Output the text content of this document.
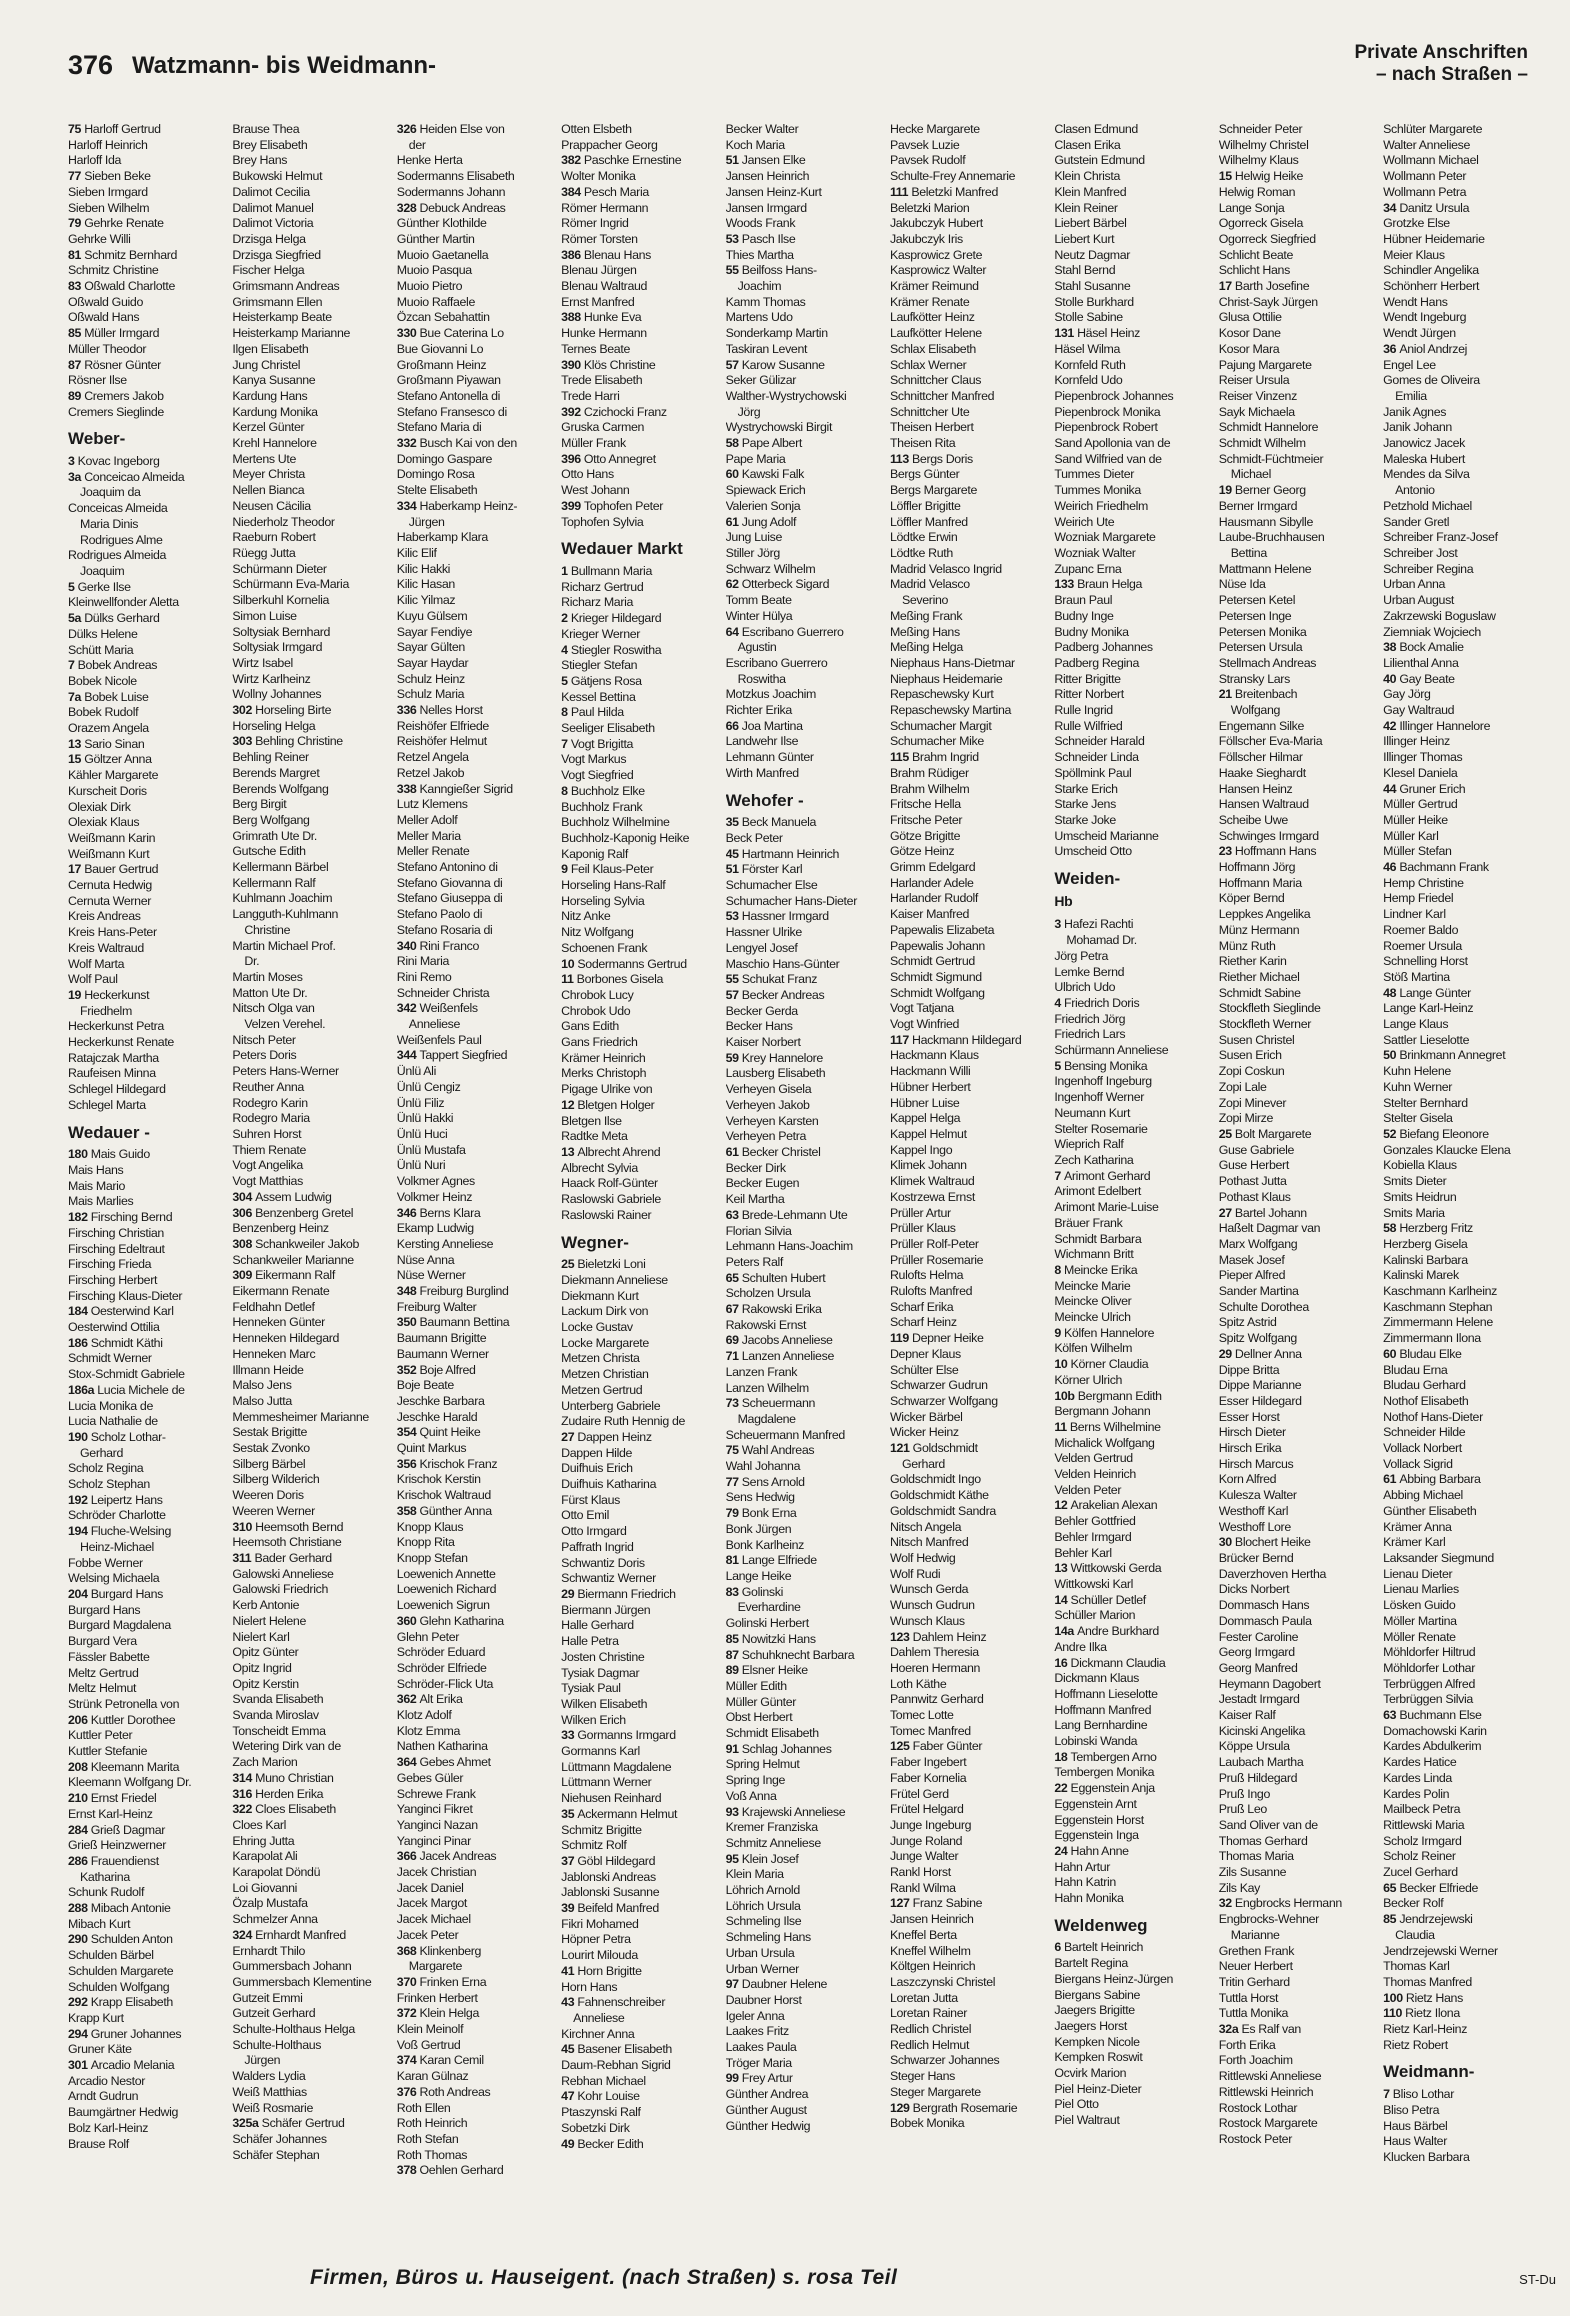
376 Watzmann- bis Weidmann-	Private Anschriften
– nach Straßen –
75 Harloff Gertrud
Harloff Heinrich
Harloff Ida
77 Sieben Beke
Sieben Irmgard
Sieben Wilhelm
79 Gehrke Renate
Gehrke Willi
81 Schmitz Bernhard
Schmitz Christine
83 Oßwald Charlotte
Oßwald Guido
Oßwald Hans
85 Müller Irmgard
Müller Theodor
87 Rösner Günter
Rösner Ilse
89 Cremers Jakob
Cremers Sieglinde
Weber-
3 Kovac Ingeborg
3a Conceicao Almeida
Joaquim da
Conceicas Almeida
Maria Dinis
Rodrigues Alme
Rodrigues Almeida
Joaquim
5 Gerke Ilse
Kleinwellfonder Aletta
5a Dülks Gerhard
Dülks Helene
Schütt Maria
7 Bobek Andreas
Bobek Nicole
7a Bobek Luise
Bobek Rudolf
Orazem Angela
13 Sario Sinan
15 Göltzer Anna
Kähler Margarete
Kurscheit Doris
Olexiak Dirk
Olexiak Klaus
Weißmann Karin
Weißmann Kurt
17 Bauer Gertrud
Cernuta Hedwig
Cernuta Werner
Kreis Andreas
Kreis Hans-Peter
Kreis Waltraud
Wolf Marta
Wolf Paul
19 Heckerkunst
Friedhelm
Heckerkunst Petra
Heckerkunst Renate
Ratajczak Martha
Raufeisen Minna
Schlegel Hildegard
Schlegel Marta
Wedauer -
180 Mais Guido
Mais Hans
Mais Mario
Mais Marlies
182 Firsching Bernd
Firsching Christian
Firsching Edeltraut
Firsching Frieda
Firsching Herbert
Firsching Klaus-Dieter
184 Oesterwind Karl
Oesterwind Ottilia
186 Schmidt Käthi
Schmidt Werner
Stox-Schmidt Gabriele
186a Lucia Michele de
Lucia Monika de
Lucia Nathalie de
190 Scholz Lothar-
Gerhard
Scholz Regina
Scholz Stephan
192 Leipertz Hans
Schröder Charlotte
194 Fluche-Welsing
Heinz-Michael
Fobbe Werner
Welsing Michaela
204 Burgard Hans
Burgard Hans
Burgard Magdalena
Burgard Vera
Fässler Babette
Meltz Gertrud
Meltz Helmut
Strünk Petronella von
206 Kuttler Dorothee
Kuttler Peter
Kuttler Stefanie
208 Kleemann Marita
Kleemann Wolfgang Dr.
210 Ernst Friedel
Ernst Karl-Heinz
284 Grieß Dagmar
Grieß Heinzwerner
286 Frauendienst
Katharina
Schunk Rudolf
288 Mibach Antonie
Mibach Kurt
290 Schulden Anton
Schulden Bärbel
Schulden Margarete
Schulden Wolfgang
292 Krapp Elisabeth
Krapp Kurt
294 Gruner Johannes
Gruner Käte
301 Arcadio Melania
Arcadio Nestor
Arndt Gudrun
Baumgärtner Hedwig
Bolz Karl-Heinz
Brause Rolf
Brause Thea
Brey Elisabeth
Brey Hans
Bukowski Helmut
Dalimot Cecilia
Dalimot Manuel
Dalimot Victoria
Drzisga Helga
Drzisga Siegfried
Fischer Helga
Grimsmann Andreas
Grimsmann Ellen
Heisterkamp Beate
Heisterkamp Marianne
Ilgen Elisabeth
Jung Christel
Kanya Susanne
Kardung Hans
Kardung Monika
Kerzel Günter
Krehl Hannelore
Mertens Ute
Meyer Christa
Nellen Bianca
Neusen Cäcilia
Niederholz Theodor
Raeburn Robert
Rüegg Jutta
Schürmann Dieter
Schürmann Eva-Maria
Silberkuhl Kornelia
Simon Luise
Soltysiak Bernhard
Soltysiak Irmgard
Wirtz Isabel
Wirtz Karlheinz
Wollny Johannes
302 Horseling Birte
Horseling Helga
303 Behling Christine
Behling Reiner
Berends Margret
Berends Wolfgang
Berg Birgit
Berg Wolfgang
Grimrath Ute Dr.
Gutsche Edith
Kellermann Bärbel
Kellermann Ralf
Kuhlmann Joachim
Langguth-Kuhlmann
Christine
Martin Michael Prof.
Dr.
Martin Moses
Matton Ute Dr.
Nitsch Olga van
Velzen Verehel.
Nitsch Peter
Peters Doris
Peters Hans-Werner
Reuther Anna
Rodegro Karin
Rodegro Maria
Suhren Horst
Thiem Renate
Vogt Angelika
Vogt Matthias
304 Assem Ludwig
306 Benzenberg Gretel
Benzenberg Heinz
308 Schankweiler Jakob
Schankweiler Marianne
309 Eikermann Ralf
Eikermann Renate
Feldhahn Detlef
Henneken Günter
Henneken Hildegard
Henneken Marc
Illmann Heide
Malso Jens
Malso Jutta
Memmesheimer Marianne
Sestak Brigitte
Sestak Zvonko
Silberg Bärbel
Silberg Wilderich
Weeren Doris
Weeren Werner
310 Heemsoth Bernd
Heemsoth Christiane
311 Bader Gerhard
Galowski Anneliese
Galowski Friedrich
Kerb Antonie
Nielert Helene
Nielert Karl
Opitz Günter
Opitz Ingrid
Opitz Kerstin
Svanda Elisabeth
Svanda Miroslav
Tonscheidt Emma
Wetering Dirk van de
Zach Marion
314 Muno Christian
316 Herden Erika
322 Cloes Elisabeth
Cloes Karl
Ehring Jutta
Karapolat Ali
Karapolat Döndü
Loi Giovanni
Özalp Mustafa
Schmelzer Anna
324 Ernhardt Manfred
Ernhardt Thilo
Gummersbach Johann
Gummersbach Klementine
Gutzeit Emmi
Gutzeit Gerhard
Schulte-Holthaus Helga
Schulte-Holthaus
Jürgen
Walders Lydia
Weiß Matthias
Weiß Rosmarie
325a Schäfer Gertrud
Schäfer Johannes
Schäfer Stephan
326 Heiden Else von
der
Henke Herta
Sodermanns Elisabeth
Sodermanns Johann
328 Debuck Andreas
Günther Klothilde
Günther Martin
Muoio Gaetanella
Muoio Pasqua
Muoio Pietro
Muoio Raffaele
Özcan Sebahattin
330 Bue Caterina Lo
Bue Giovanni Lo
Großmann Heinz
Großmann Piyawan
Stefano Antonella di
Stefano Fransesco di
Stefano Maria di
332 Busch Kai von den
Domingo Gaspare
Domingo Rosa
Stelte Elisabeth
334 Haberkamp Heinz-
Jürgen
Haberkamp Klara
Kilic Elif
Kilic Hakki
Kilic Hasan
Kilic Yilmaz
Kuyu Gülsem
Sayar Fendiye
Sayar Gülten
Sayar Haydar
Schulz Heinz
Schulz Maria
336 Nelles Horst
Reishöfer Elfriede
Reishöfer Helmut
Retzel Angela
Retzel Jakob
338 Kanngießer Sigrid
Lutz Klemens
Meller Adolf
Meller Maria
Meller Renate
Stefano Antonino di
Stefano Giovanna di
Stefano Giuseppa di
Stefano Paolo di
Stefano Rosaria di
340 Rini Franco
Rini Maria
Rini Remo
Schneider Christa
342 Weißenfels
Anneliese
Weißenfels Paul
344 Tappert Siegfried
Ünlü Ali
Ünlü Cengiz
Ünlü Filiz
Ünlü Hakki
Ünlü Huci
Ünlü Mustafa
Ünlü Nuri
Volkmer Agnes
Volkmer Heinz
346 Berns Klara
Ekamp Ludwig
Kersting Anneliese
Nüse Anna
Nüse Werner
348 Freiburg Burglind
Freiburg Walter
350 Baumann Bettina
Baumann Brigitte
Baumann Werner
352 Boje Alfred
Boje Beate
Jeschke Barbara
Jeschke Harald
354 Quint Heike
Quint Markus
356 Krischok Franz
Krischok Kerstin
Krischok Waltraud
358 Günther Anna
Knopp Klaus
Knopp Rita
Knopp Stefan
Loewenich Annette
Loewenich Richard
Loewenich Sigrun
360 Glehn Katharina
Glehn Peter
Schröder Eduard
Schröder Elfriede
Schröder-Flick Uta
362 Alt Erika
Klotz Adolf
Klotz Emma
Nathen Katharina
364 Gebes Ahmet
Gebes Güler
Schrewe Frank
Yanginci Fikret
Yanginci Nazan
Yanginci Pinar
366 Jacek Andreas
Jacek Christian
Jacek Daniel
Jacek Margot
Jacek Michael
Jacek Peter
368 Klinkenberg
Margarete
370 Frinken Erna
Frinken Herbert
372 Klein Helga
Klein Meinolf
Voß Gertrud
374 Karan Cemil
Karan Gülnaz
376 Roth Andreas
Roth Ellen
Roth Heinrich
Roth Stefan
Roth Thomas
378 Oehlen Gerhard
Otten Elsbeth
Prappacher Georg
382 Paschke Ernestine
Wolter Monika
384 Pesch Maria
Römer Hermann
Römer Ingrid
Römer Torsten
386 Blenau Hans
Blenau Jürgen
Blenau Waltraud
Ernst Manfred
388 Hunke Eva
Hunke Hermann
Ternes Beate
390 Klös Christine
Trede Elisabeth
Trede Harri
392 Czichocki Franz
Gruska Carmen
Müller Frank
396 Otto Annegret
Otto Hans
West Johann
399 Tophofen Peter
Tophofen Sylvia
Wedauer Markt
1 Bullmann Maria
Richarz Gertrud
Richarz Maria
2 Krieger Hildegard
Krieger Werner
4 Stiegler Roswitha
Stiegler Stefan
5 Gätjens Rosa
Kessel Bettina
8 Paul Hilda
Seeliger Elisabeth
7 Vogt Brigitta
Vogt Markus
Vogt Siegfried
8 Buchholz Elke
Buchholz Frank
Buchholz Wilhelmine
Buchholz-Kaponig Heike
Kaponig Ralf
9 Feil Klaus-Peter
Horseling Hans-Ralf
Horseling Sylvia
Nitz Anke
Nitz Wolfgang
Schoenen Frank
10 Sodermanns Gertrud
11 Borbones Gisela
Chrobok Lucy
Chrobok Udo
Gans Edith
Gans Friedrich
Krämer Heinrich
Merks Christoph
Pigage Ulrike von
12 Bletgen Holger
Bletgen Ilse
Radtke Meta
13 Albrecht Ahrend
Albrecht Sylvia
Haack Rolf-Günter
Raslowski Gabriele
Raslowski Rainer
Wegner-
25 Bieletzki Loni
Diekmann Anneliese
Diekmann Kurt
Lackum Dirk von
Locke Gustav
Locke Margarete
Metzen Christa
Metzen Christian
Metzen Gertrud
Unterberg Gabriele
Zudaire Ruth Hennig de
27 Dappen Heinz
Dappen Hilde
Duifhuis Erich
Duifhuis Katharina
Fürst Klaus
Otto Emil
Otto Irmgard
Paffrath Ingrid
Schwantiz Doris
Schwantiz Werner
29 Biermann Friedrich
Biermann Jürgen
Halle Gerhard
Halle Petra
Josten Christine
Tysiak Dagmar
Tysiak Paul
Wilken Elisabeth
Wilken Erich
33 Gormanns Irmgard
Gormanns Karl
Lüttmann Magdalene
Lüttmann Werner
Niehusen Reinhard
35 Ackermann Helmut
Schmitz Brigitte
Schmitz Rolf
37 Göbl Hildegard
Jablonski Andreas
Jablonski Susanne
39 Beifeld Manfred
Fikri Mohamed
Höpner Petra
Lourirt Milouda
41 Horn Brigitte
Horn Hans
43 Fahnenschreiber
Anneliese
Kirchner Anna
45 Basener Elisabeth
Daum-Rebhan Sigrid
Rebhan Michael
47 Kohr Louise
Ptaszynski Ralf
Sobetzki Dirk
49 Becker Edith
Becker Walter
Koch Maria
51 Jansen Elke
Jansen Heinrich
Jansen Heinz-Kurt
Jansen Irmgard
Woods Frank
53 Pasch Ilse
Thies Martha
55 Beilfoss Hans-
Joachim
Kamm Thomas
Martens Udo
Sonderkamp Martin
Taskiran Levent
57 Karow Susanne
Seker Gülizar
Walther-Wystrychowski
Jörg
Wystrychowski Birgit
58 Pape Albert
Pape Maria
60 Kawski Falk
Spiewack Erich
Valerien Sonja
61 Jung Adolf
Jung Luise
Stiller Jörg
Schwarz Wilhelm
62 Otterbeck Sigard
Tomm Beate
Winter Hülya
64 Escribano Guerrero
Agustin
Escribano Guerrero
Roswitha
Motzkus Joachim
Richter Erika
66 Joa Martina
Landwehr Ilse
Lehmann Günter
Wirth Manfred
Wehofer -
35 Beck Manuela
Beck Peter
45 Hartmann Heinrich
51 Förster Karl
Schumacher Else
Schumacher Hans-Dieter
53 Hassner Irmgard
Hassner Ulrike
Lengyel Josef
Maschio Hans-Günter
55 Schukat Franz
57 Becker Andreas
Becker Gerda
Becker Hans
Kaiser Norbert
59 Krey Hannelore
Lausberg Elisabeth
Verheyen Gisela
Verheyen Jakob
Verheyen Karsten
Verheyen Petra
61 Becker Christel
Becker Dirk
Becker Eugen
Keil Martha
63 Brede-Lehmann Ute
Florian Silvia
Lehmann Hans-Joachim
Peters Ralf
65 Schulten Hubert
Scholzen Ursula
67 Rakowski Erika
Rakowski Ernst
69 Jacobs Anneliese
71 Lanzen Anneliese
Lanzen Frank
Lanzen Wilhelm
73 Scheuermann
Magdalene
Scheuermann Manfred
75 Wahl Andreas
Wahl Johanna
77 Sens Arnold
Sens Hedwig
79 Bonk Erna
Bonk Jürgen
Bonk Karlheinz
81 Lange Elfriede
Lange Heike
83 Golinski
Everhardine
Golinski Herbert
85 Nowitzki Hans
87 Schuhknecht Barbara
89 Elsner Heike
Müller Edith
Müller Günter
Obst Herbert
Schmidt Elisabeth
91 Schlag Johannes
Spring Helmut
Spring Inge
Voß Anna
93 Krajewski Anneliese
Kremer Franziska
Schmitz Anneliese
95 Klein Josef
Klein Maria
Löhrich Arnold
Löhrich Ursula
Schmeling Ilse
Schmeling Hans
Urban Ursula
Urban Werner
97 Daubner Helene
Daubner Horst
Igeler Anna
Laakes Fritz
Laakes Paula
Tröger Maria
99 Frey Artur
Günther Andrea
Günther August
Günther Hedwig
Hecke Margarete
Pavsek Luzie
Pavsek Rudolf
Schulte-Frey Annemarie
111 Beletzki Manfred
Beletzki Marion
Jakubczyk Hubert
Jakubczyk Iris
Kasprowicz Grete
Kasprowicz Walter
Krämer Reimund
Krämer Renate
Laufkötter Heinz
Laufkötter Helene
Schlax Elisabeth
Schlax Werner
Schnittcher Claus
Schnittcher Manfred
Schnittcher Ute
Theisen Herbert
Theisen Rita
113 Bergs Doris
Bergs Günter
Bergs Margarete
Löffler Brigitte
Löffler Manfred
Lödtke Erwin
Lödtke Ruth
Madrid Velasco Ingrid
Madrid Velasco
Severino
Meßing Frank
Meßing Hans
Meßing Helga
Niephaus Hans-Dietmar
Niephaus Heidemarie
Repaschewsky Kurt
Repaschewsky Martina
Schumacher Margit
Schumacher Mike
115 Brahm Ingrid
Brahm Rüdiger
Brahm Wilhelm
Fritsche Hella
Fritsche Peter
Götze Brigitte
Götze Heinz
Grimm Edelgard
Harlander Adele
Harlander Rudolf
Kaiser Manfred
Papewalis Elizabeta
Papewalis Johann
Schmidt Gertrud
Schmidt Sigmund
Schmidt Wolfgang
Vogt Tatjana
Vogt Winfried
117 Hackmann Hildegard
Hackmann Klaus
Hackmann Willi
Hübner Herbert
Hübner Luise
Kappel Helga
Kappel Helmut
Kappel Ingo
Klimek Johann
Klimek Waltraud
Kostrzewa Ernst
Prüller Artur
Prüller Klaus
Prüller Rolf-Peter
Prüller Rosemarie
Rulofts Helma
Rulofts Manfred
Scharf Erika
Scharf Heinz
119 Depner Heike
Depner Klaus
Schülter Else
Schwarzer Gudrun
Schwarzer Wolfgang
Wicker Bärbel
Wicker Heinz
121 Goldschmidt
Gerhard
Goldschmidt Ingo
Goldschmidt Käthe
Goldschmidt Sandra
Nitsch Angela
Nitsch Manfred
Wolf Hedwig
Wolf Rudi
Wunsch Gerda
Wunsch Gudrun
Wunsch Klaus
123 Dahlem Heinz
Dahlem Theresia
Hoeren Hermann
Loth Käthe
Pannwitz Gerhard
Tomec Lotte
Tomec Manfred
125 Faber Günter
Faber Ingebert
Faber Kornelia
Frütel Gerd
Frütel Helgard
Junge Ingeburg
Junge Roland
Junge Walter
Rankl Horst
Rankl Wilma
127 Franz Sabine
Jansen Heinrich
Kneffel Berta
Kneffel Wilhelm
Költgen Heinrich
Laszczynski Christel
Loretan Jutta
Loretan Rainer
Redlich Christel
Redlich Helmut
Schwarzer Johannes
Steger Hans
Steger Margarete
129 Bergrath Rosemarie
Bobek Monika
Clasen Edmund
Clasen Erika
Gutstein Edmund
Klein Christa
Klein Manfred
Klein Reiner
Liebert Bärbel
Liebert Kurt
Neutz Dagmar
Stahl Bernd
Stahl Susanne
Stolle Burkhard
Stolle Sabine
131 Häsel Heinz
Häsel Wilma
Kornfeld Ruth
Kornfeld Udo
Piepenbrock Johannes
Piepenbrock Monika
Piepenbrock Robert
Sand Apollonia van de
Sand Wilfried van de
Tummes Dieter
Tummes Monika
Weirich Friedhelm
Weirich Ute
Wozniak Margarete
Wozniak Walter
Zupanc Erna
133 Braun Helga
Braun Paul
Budny Inge
Budny Monika
Padberg Johannes
Padberg Regina
Ritter Brigitte
Ritter Norbert
Rulle Ingrid
Rulle Wilfried
Schneider Harald
Schneider Linda
Spöllmink Paul
Starke Erich
Starke Jens
Starke Joke
Umscheid Marianne
Umscheid Otto
Weiden-
Hb
3 Hafezi Rachti
Mohamad Dr.
Jörg Petra
Lemke Bernd
Ulbrich Udo
4 Friedrich Doris
Friedrich Jörg
Friedrich Lars
Schürmann Anneliese
5 Bensing Monika
Ingenhoff Ingeburg
Ingenhoff Werner
Neumann Kurt
Stelter Rosemarie
Wieprich Ralf
Zech Katharina
7 Arimont Gerhard
Arimont Edelbert
Arimont Marie-Luise
Bräuer Frank
Schmidt Barbara
Wichmann Britt
8 Meincke Erika
Meincke Marie
Meincke Oliver
Meincke Ulrich
9 Kölfen Hannelore
Kölfen Wilhelm
10 Körner Claudia
Körner Ulrich
10b Bergmann Edith
Bergmann Johann
11 Berns Wilhelmine
Michalick Wolfgang
Velden Gertrud
Velden Heinrich
Velden Peter
12 Arakelian Alexan
Behler Gottfried
Behler Irmgard
Behler Karl
13 Wittkowski Gerda
Wittkowski Karl
14 Schüller Detlef
Schüller Marion
14a Andre Burkhard
Andre Ilka
16 Dickmann Claudia
Dickmann Klaus
Hoffmann Lieselotte
Hoffmann Manfred
Lang Bernhardine
Lobinski Wanda
18 Tembergen Arno
Tembergen Monika
22 Eggenstein Anja
Eggenstein Arnt
Eggenstein Horst
Eggenstein Inga
24 Hahn Anne
Hahn Artur
Hahn Katrin
Hahn Monika
Weldenweg
6 Bartelt Heinrich
Bartelt Regina
Biergans Heinz-Jürgen
Biergans Sabine
Jaegers Brigitte
Jaegers Horst
Kempken Nicole
Kempken Roswit
Ocvirk Marion
Piel Heinz-Dieter
Piel Otto
Piel Waltraut
Schneider Peter
Wilhelmy Christel
Wilhelmy Klaus
15 Helwig Heike
Helwig Roman
Lange Sonja
Ogorreck Gisela
Ogorreck Siegfried
Schlicht Beate
Schlicht Hans
17 Barth Josefine
Christ-Sayk Jürgen
Glusa Ottilie
Kosor Dane
Kosor Mara
Pajung Margarete
Reiser Ursula
Reiser Vinzenz
Sayk Michaela
Schmidt Hannelore
Schmidt Wilhelm
Schmidt-Füchtmeier
Michael
19 Berner Georg
Berner Irmgard
Hausmann Sibylle
Laube-Bruchhausen
Bettina
Mattmann Helene
Nüse Ida
Petersen Ketel
Petersen Inge
Petersen Monika
Petersen Ursula
Stellmach Andreas
Stransky Lars
21 Breitenbach
Wolfgang
Engemann Silke
Föllscher Eva-Maria
Föllscher Hilmar
Haake Sieghardt
Hansen Heinz
Hansen Waltraud
Scheibe Uwe
Schwinges Irmgard
23 Hoffmann Hans
Hoffmann Jörg
Hoffmann Maria
Köper Bernd
Leppkes Angelika
Münz Hermann
Münz Ruth
Riether Karin
Riether Michael
Schmidt Sabine
Stockfleth Sieglinde
Stockfleth Werner
Susen Christel
Susen Erich
Zopi Coskun
Zopi Lale
Zopi Minever
Zopi Mirze
25 Bolt Margarete
Guse Gabriele
Guse Herbert
Pothast Jutta
Pothast Klaus
27 Bartel Johann
Haßelt Dagmar van
Marx Wolfgang
Masek Josef
Pieper Alfred
Sander Martina
Schulte Dorothea
Spitz Astrid
Spitz Wolfgang
29 Dellner Anna
Dippe Britta
Dippe Marianne
Esser Hildegard
Esser Horst
Hirsch Dieter
Hirsch Erika
Hirsch Marcus
Korn Alfred
Kulesza Walter
Westhoff Karl
Westhoff Lore
30 Blochert Heike
Brücker Bernd
Daverzhoven Hertha
Dicks Norbert
Dommasch Hans
Dommasch Paula
Fester Caroline
Georg Irmgard
Georg Manfred
Heymann Dagobert
Jestadt Irmgard
Kaiser Ralf
Kicinski Angelika
Köppe Ursula
Laubach Martha
Pruß Hildegard
Pruß Ingo
Pruß Leo
Sand Oliver van de
Thomas Gerhard
Thomas Maria
Zils Susanne
Zils Kay
32 Engbrocks Hermann
Engbrocks-Wehner
Marianne
Grethen Frank
Neuer Herbert
Tritin Gerhard
Tuttla Horst
Tuttla Monika
32a Es Ralf van
Forth Erika
Forth Joachim
Rittlewski Anneliese
Rittlewski Heinrich
Rostock Lothar
Rostock Margarete
Rostock Peter
Schlüter Margarete
Walter Anneliese
Wollmann Michael
Wollmann Peter
Wollmann Petra
34 Danitz Ursula
Grotzke Else
Hübner Heidemarie
Meier Klaus
Schindler Angelika
Schönherr Herbert
Wendt Hans
Wendt Ingeburg
Wendt Jürgen
36 Aniol Andrzej
Engel Lee
Gomes de Oliveira
Emilia
Janik Agnes
Janik Johann
Janowicz Jacek
Maleska Hubert
Mendes da Silva
Antonio
Petzhold Michael
Sander Gretl
Schreiber Franz-Josef
Schreiber Jost
Schreiber Regina
Urban Anna
Urban August
Zakrzewski Boguslaw
Ziemniak Wojciech
38 Bock Amalie
Lilienthal Anna
40 Gay Beate
Gay Jörg
Gay Waltraud
42 Illinger Hannelore
Illinger Heinz
Illinger Thomas
Klesel Daniela
44 Gruner Erich
Müller Gertrud
Müller Heike
Müller Karl
Müller Stefan
46 Bachmann Frank
Hemp Christine
Hemp Friedel
Lindner Karl
Roemer Baldo
Roemer Ursula
Schnelling Horst
Stöß Martina
48 Lange Günter
Lange Karl-Heinz
Lange Klaus
Sattler Lieselotte
50 Brinkmann Annegret
Kuhn Helene
Kuhn Werner
Stelter Bernhard
Stelter Gisela
52 Biefang Eleonore
Gonzales Klaucke Elena
Kobiella Klaus
Smits Dieter
Smits Heidrun
Smits Maria
58 Herzberg Fritz
Herzberg Gisela
Kalinski Barbara
Kalinski Marek
Kaschmann Karlheinz
Kaschmann Stephan
Zimmermann Helene
Zimmermann Ilona
60 Bludau Elke
Bludau Erna
Bludau Gerhard
Nothof Elisabeth
Nothof Hans-Dieter
Schneider Hilde
Vollack Norbert
Vollack Sigrid
61 Abbing Barbara
Abbing Michael
Günther Elisabeth
Krämer Anna
Krämer Karl
Laksander Siegmund
Lienau Dieter
Lienau Marlies
Lösken Guido
Möller Martina
Möller Renate
Möhldorfer Hiltrud
Möhldorfer Lothar
Terbrüggen Alfred
Terbrüggen Silvia
63 Buchmann Else
Domachowski Karin
Kardes Abdulkerim
Kardes Hatice
Kardes Linda
Kardes Polin
Mailbeck Petra
Rittlewski Maria
Scholz Irmgard
Scholz Reiner
Zucel Gerhard
65 Becker Elfriede
Becker Rolf
85 Jendrzejewski
Claudia
Jendrzejewski Werner
Thomas Karl
Thomas Manfred
100 Rietz Hans
110 Rietz Ilona
Rietz Karl-Heinz
Rietz Robert
Weidmann-
7 Bliso Lothar
Bliso Petra
Haus Bärbel
Haus Walter
Klucken Barbara
Firmen, Büros u. Hauseigent. (nach Straßen) s. rosa Teil	ST-Du
